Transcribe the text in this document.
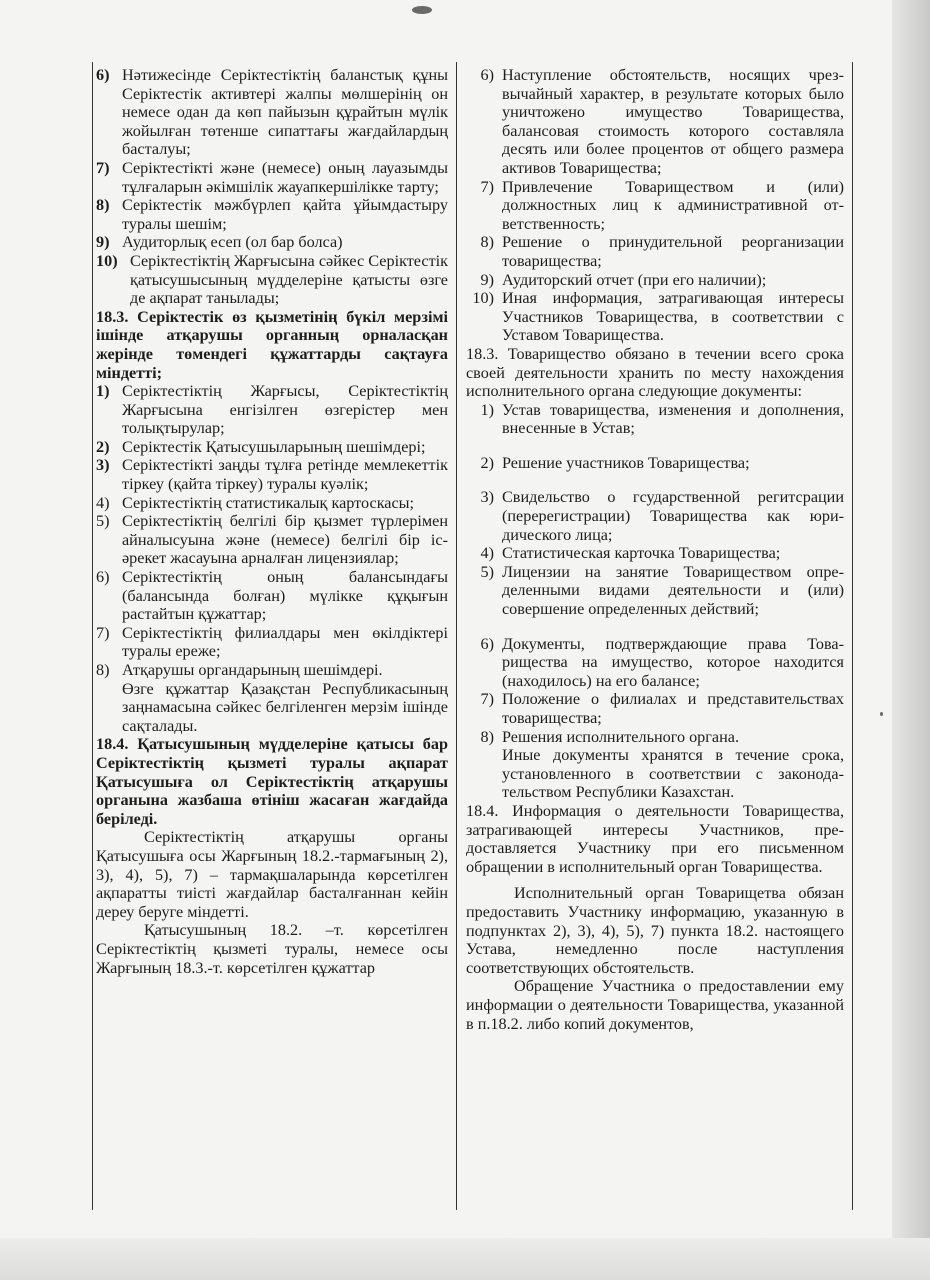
6) Нәтижесінде Серіктестіктің баланстық құны Серіктестік активтері жалпы мөлшерінің он немесе одан да көп пайызын құрайтын мүлік жойылған төтенше сипаттағы жағдайлардың басталуы;
7) Серіктестікті және (немесе) оның лауазымды тұлғаларын әкімшілік жауапкершілікке тарту;
8) Серіктестік мәжбүрлеп қайта ұйымдастыру туралы шешім;
9) Аудиторлық есеп (ол бар болса)
10) Серіктестіктің Жарғысына сәйкес Серіктестік қатысушысының мүдделеріне қатысты өзге де ақпарат танылады;

18.3. Серіктестік өз қызметінің бүкіл мерзімі ішінде атқарушы органның орналасқан жерінде төмендегі құжаттарды сақтауға міндетті;

1) Серіктестіктің Жарғысы, Серіктестіктің Жарғысына енгізілген өзгерістер мен толықтырулар;
2) Серіктестік Қатысушыларының шешімдері;
3) Серіктестікті заңды тұлға ретінде мемлекеттік тіркеу (қайта тіркеу) туралы куәлік;
4) Серіктестіктің статистикалық картоскасы;
5) Серіктестіктің белгілі бір қызмет түрлерімен айналысуына және (немесе) белгілі бір іс-әрекет жасауына арналған лицензиялар;
6) Серіктестіктің оның балансындағы (балансында болған) мүлікке құқығын растайтын құжаттар;
7) Серіктестіктің филиалдары мен өкілдіктері туралы ереже;
8) Атқарушы органдарының шешімдері.
Өзге құжаттар Қазақстан Республикасының заңнамасына сәйкес белгіленген мерзім ішінде сақталады.

18.4. Қатысушының мүдделеріне қатысы бар Серіктестіктің қызметі туралы ақпарат Қатысушыға ол Серіктестіктің атқарушы органына жазбаша өтініш жасаған жағдайда беріледі.

Серіктестіктің атқарушы органы Қатысушыға осы Жарғының 18.2.-тармағының 2), 3), 4), 5), 7) – тармақшаларында көрсетілген ақпаратты тиісті жағдайлар басталғаннан кейін дереу беруге міндетті.

Қатысушының 18.2. –т. көрсетілген Серіктестіктің қызметі туралы, немесе осы Жарғының 18.3.-т. көрсетілген құжаттар

6) Наступление обстоятельств, носящих чрезвычайный характер, в результате которых было уничтожено имущество Товарищества, балансовая стоимость которого составляла десять или более процентов от общего размера активов Товарищества;
7) Привлечение Товариществом и (или) должностных лиц к административной ответственность;
8) Решение о принудительной реорганизации товарищества;
9) Аудиторский отчет (при его наличии);
10) Иная информация, затрагивающая интересы Участников Товарищества, в соответствии с Уставом Товарищества.

18.3. Товарищество обязано в течении всего срока своей деятельности хранить по месту нахождения исполнительного органа следующие документы:

1) Устав товарищества, изменения и дополнения, внесенные в Устав;
2) Решение участников Товарищества;
3) Свидельство о гсударственной регитсрации (перерегистрации) Товарищества как юридического лица;
4) Статистическая карточка Товарищества;
5) Лицензии на занятие Товариществом определенными видами деятельности и (или) совершение определенных действий;
6) Документы, подтверждающие права Товарищества на имущество, которое находится (находилось) на его балансе;
7) Положение о филиалах и представительствах товарищества;
8) Решения исполнительного органа.
Иные документы хранятся в течение срока, установленного в соответствии с законодательством Республики Казахстан.

18.4. Информация о деятельности Товарищества, затрагивающей интересы Участников, предоставляется Участнику при его письменном обращении в исполнительный орган Товарищества.

Исполнительный орган Товарищетва обязан предоставить Участнику информацию, указанную в подпунктах 2), 3), 4), 5), 7) пункта 18.2. настоящего Устава, немедленно после наступления соответствующих обстоятельств.

Обращение Участника о предоставлении ему информации о деятельности Товарищества, указанной в п.18.2. либо копий документов,
